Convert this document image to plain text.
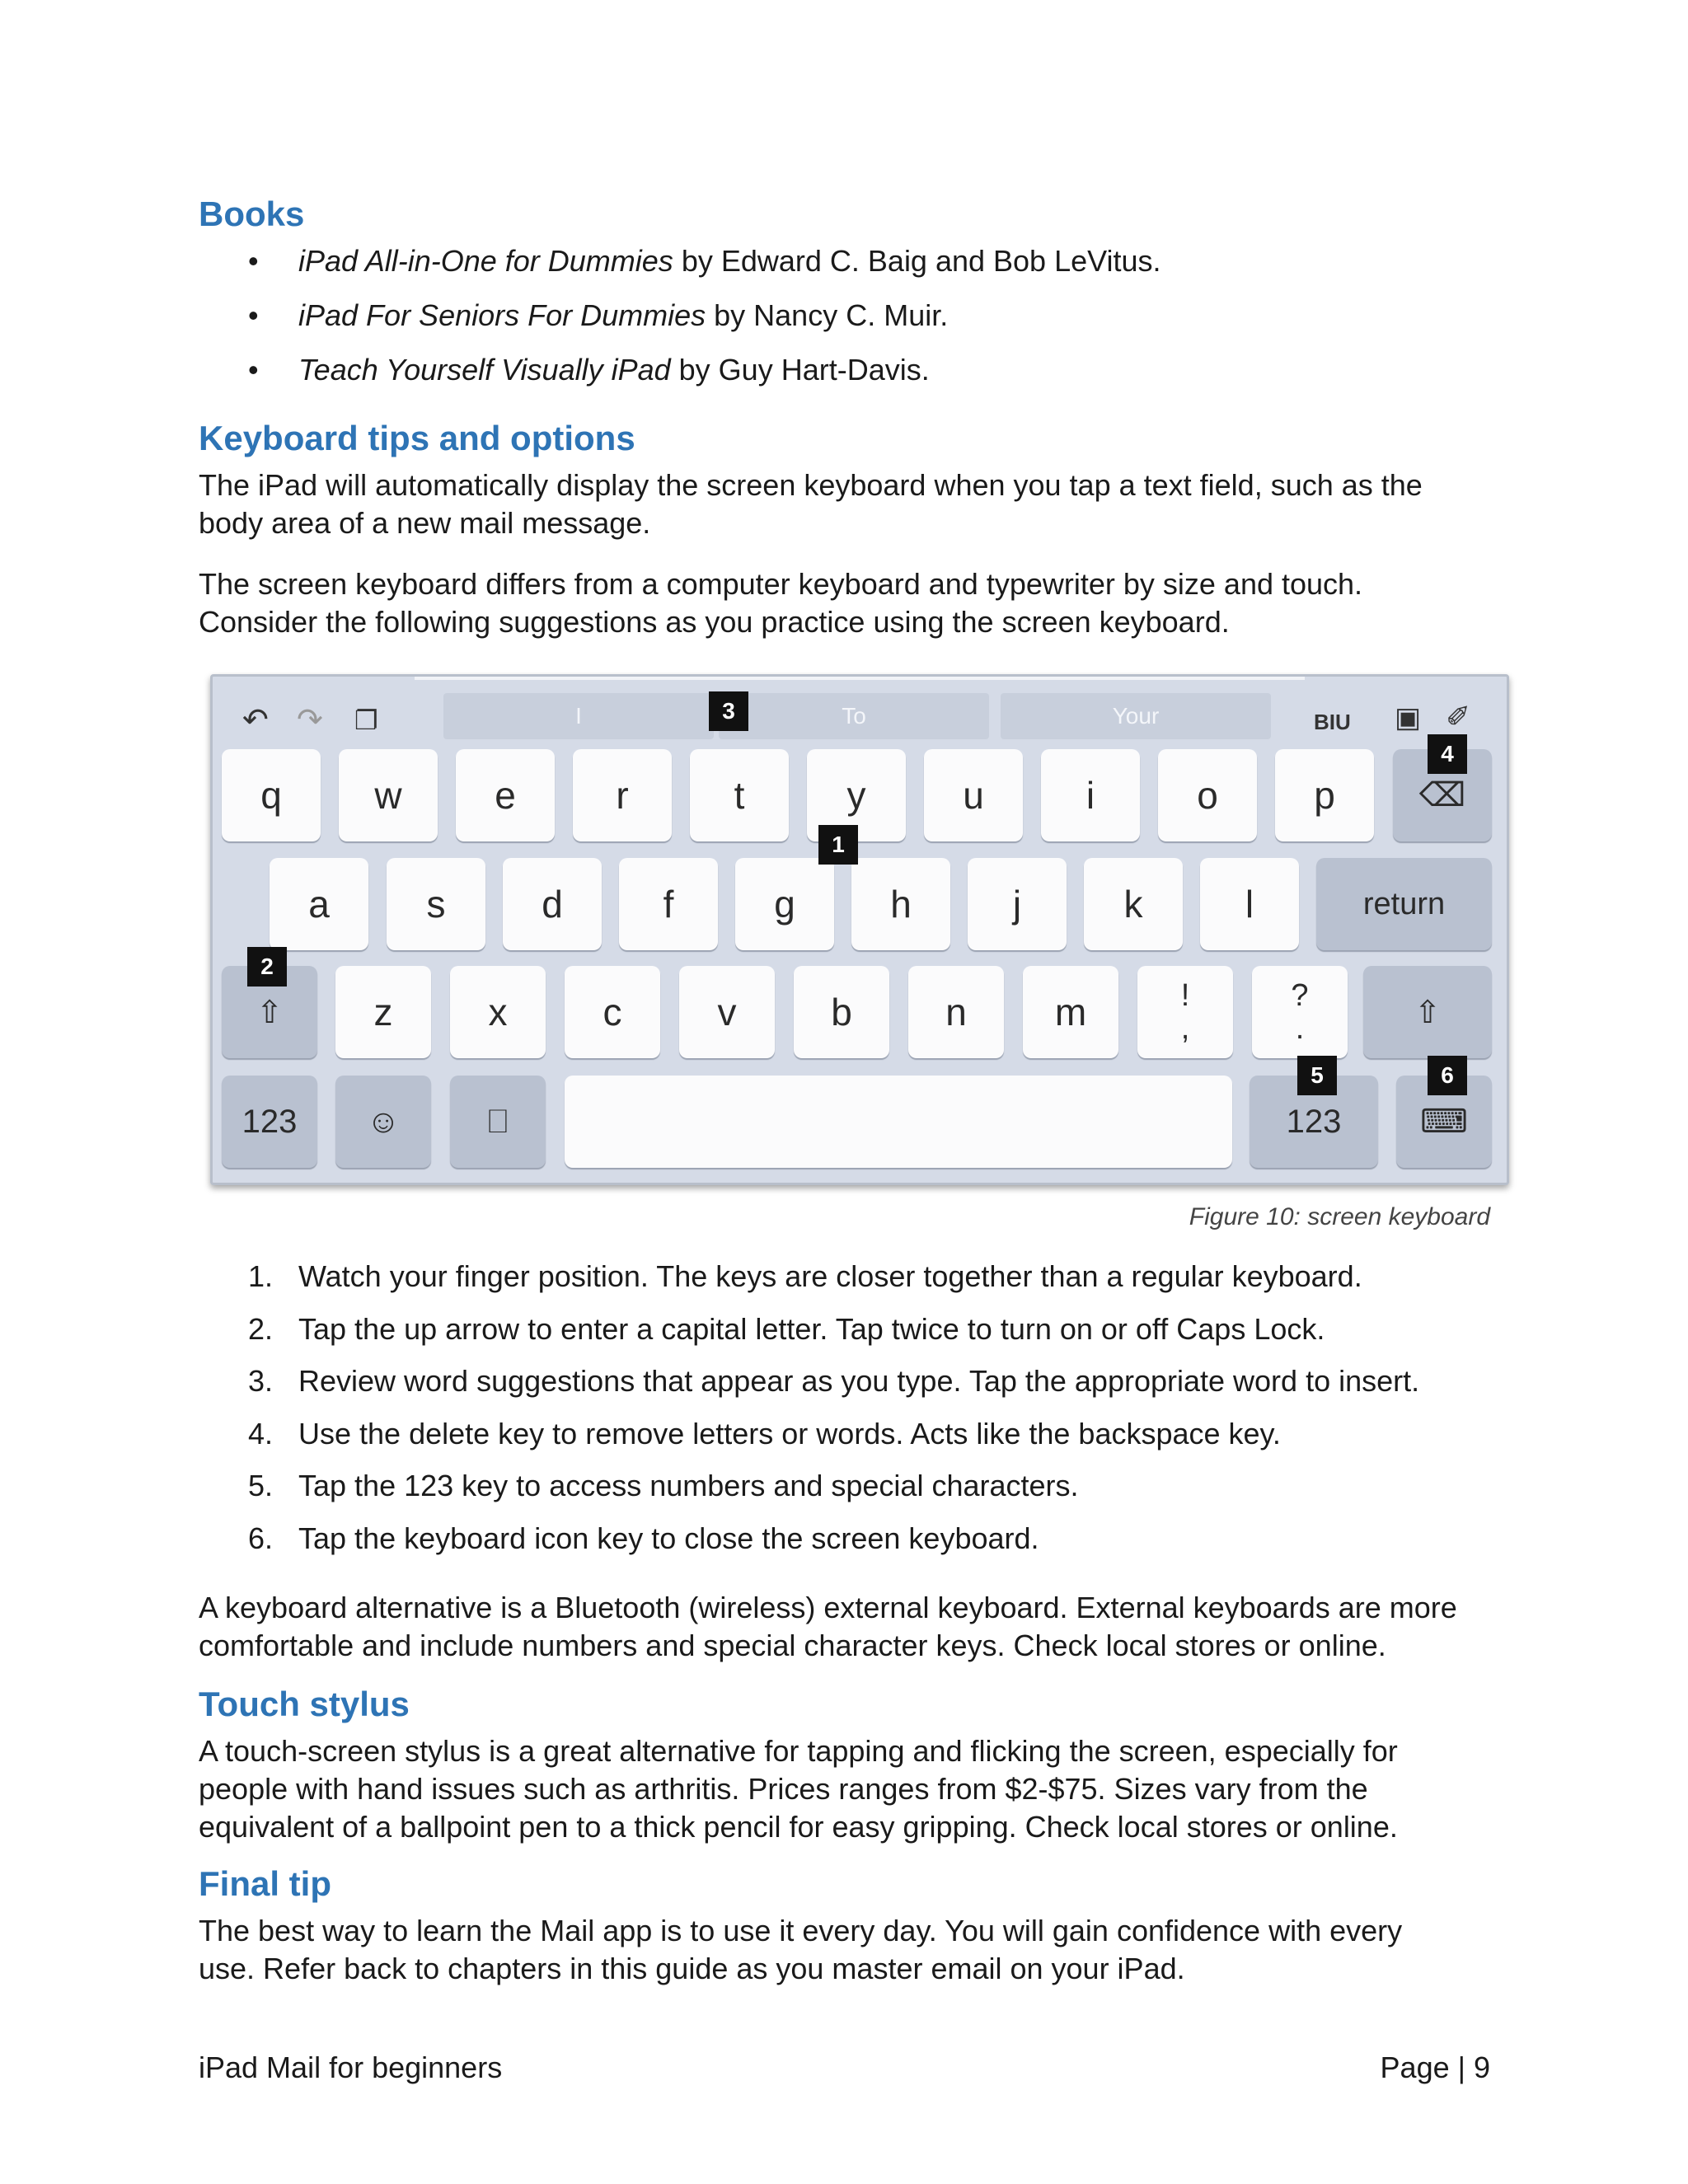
Books
• iPad All-in-One for Dummies by Edward C. Baig and Bob LeVitus.
• iPad For Seniors For Dummies by Nancy C. Muir.
• Teach Yourself Visually iPad by Guy Hart-Davis.
Keyboard tips and options

The iPad will automatically display the screen keyboard when you tap a text field, such as the
body area of a new mail message.

The screen keyboard differs from a computer keyboard and typewriter by size and touch.
Consider the following suggestions as you practice using the screen keyboard.

↶ ↷ ❐	I	To	Your	BIU ▣ ✐
q	w	e	r	t	y	u	i	o	p	⌫
a	s	d	f	g	h	j	k	l	return
⇧	z	x	c	v	b	n	m	!
,
?
.	⇧
123	☺	⎕	123	⌨
1
2
3
4
5	6

Figure 10: screen keyboard

1. Watch your finger position. The keys are closer together than a regular keyboard.
2. Tap the up arrow to enter a capital letter. Tap twice to turn on or off Caps Lock.
3. Review word suggestions that appear as you type. Tap the appropriate word to insert.
4. Use the delete key to remove letters or words. Acts like the backspace key.
5. Tap the 123 key to access numbers and special characters.
6. Tap the keyboard icon key to close the screen keyboard.

A keyboard alternative is a Bluetooth (wireless) external keyboard. External keyboards are more
comfortable and include numbers and special character keys. Check local stores or online.

Touch stylus

A touch-screen stylus is a great alternative for tapping and flicking the screen, especially for
people with hand issues such as arthritis. Prices ranges from $2-$75. Sizes vary from the
equivalent of a ballpoint pen to a thick pencil for easy gripping. Check local stores or online.

Final tip

The best way to learn the Mail app is to use it every day. You will gain confidence with every
use. Refer back to chapters in this guide as you master email on your iPad.

iPad Mail for beginners	Page | 9
